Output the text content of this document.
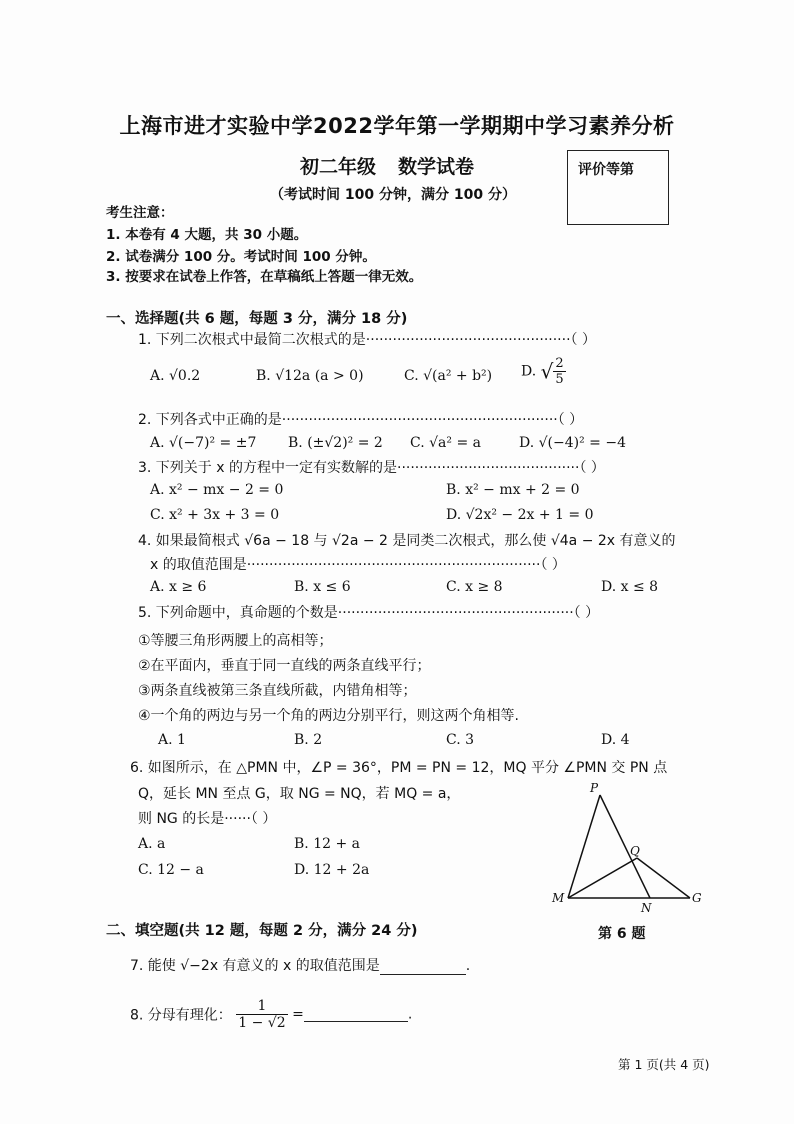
上海市进才实验中学2022学年第一学期期中学习素养分析
初二年级 数学试卷
（考试时间 100 分钟，满分 100 分）
评价等第
考生注意：
1. 本卷有 4 大题，共 30 小题。
2. 试卷满分 100 分。考试时间 100 分钟。
3. 按要求在试卷上作答，在草稿纸上答题一律无效。
一、选择题(共 6 题，每题 3 分，满分 18 分)
1. 下列二次根式中最简二次根式的是··············································（ ）
A. √0.2	B. √12a (a > 0)	C. √(a² + b²) D. √ $\frac{2}{5}$
2. 下列各式中正确的是······························································（ ）
A. √(−7)² = ±7 B. (±√2)² = 2 C. √a² = a	D. √(−4)² = −4
3. 下列关于 x 的方程中一定有实数解的是·········································（ ）
A. x² − mx − 2 = 0	B. x² − mx + 2 = 0
C. x² + 3x + 3 = 0	D. √2x² − 2x + 1 = 0
4. 如果最简根式 √6a − 18 与 √2a − 2 是同类二次根式，那么使 √4a − 2x 有意义的
x 的取值范围是··································································（ ）
A. x ≥ 6	B. x ≤ 6	C. x ≥ 8	D. x ≤ 8
5. 下列命题中，真命题的个数是·····················································（ ）
①等腰三角形两腰上的高相等；
②在平面内，垂直于同一直线的两条直线平行；
③两条直线被第三条直线所截，内错角相等；
④一个角的两边与另一个角的两边分别平行，则这两个角相等.
A. 1	B. 2	C. 3	D. 4
6. 如图所示，在 △PMN 中，∠P = 36°，PM = PN = 12，MQ 平分 ∠PMN 交 PN 点
Q，延长 MN 至点 G，取 NG = NQ，若 MQ = a，
则 NG 的长是······（ ）
A. a	B. 12 + a
C. 12 − a	D. 12 + 2a
P
Q
M
N
G
第 6 题
二、填空题(共 12 题，每题 2 分，满分 24 分)
7. 能使 √−2x 有意义的 x 的取值范围是	.
8. 分母有理化： $\frac{1}{1 - √2}$ =	.
第 1 页(共 4 页)
